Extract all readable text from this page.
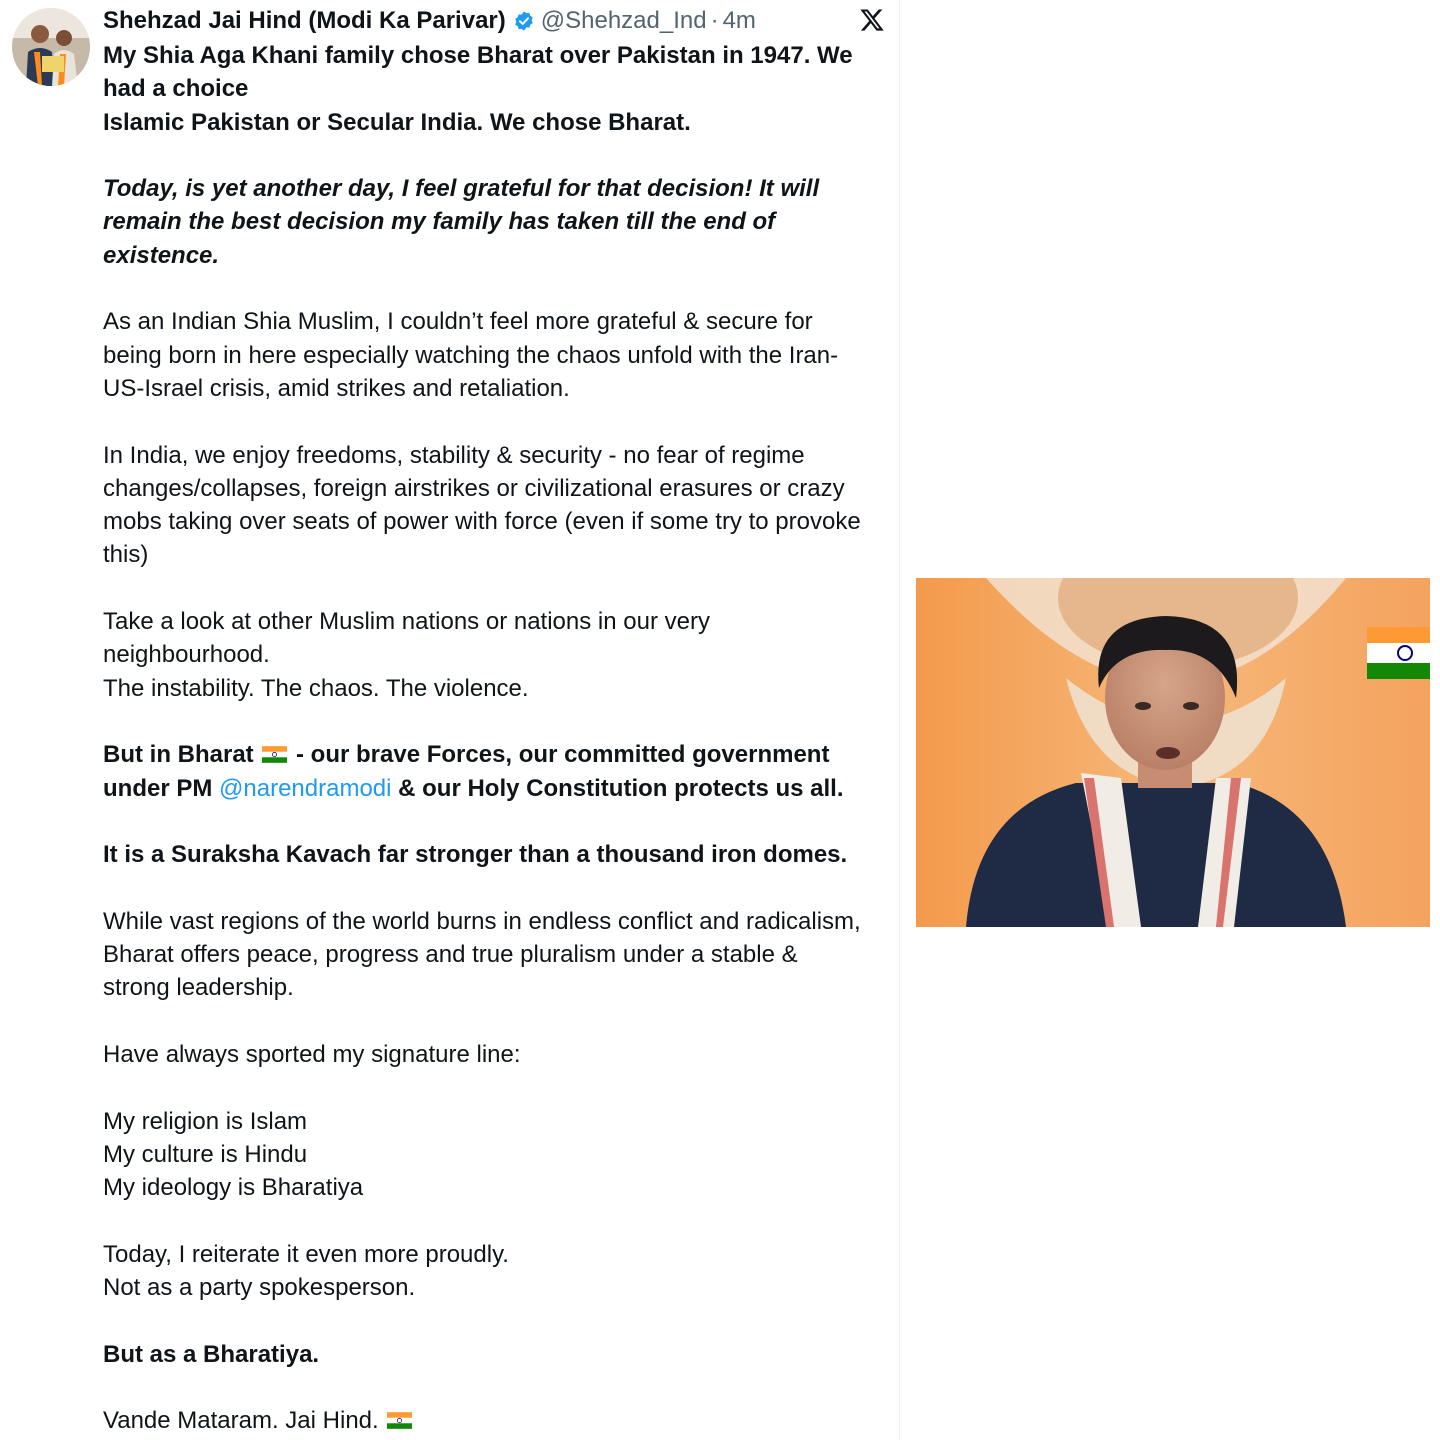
Shehzad Jai Hind (Modi Ka Parivar) @Shehzad_Ind · 4m
My Shia Aga Khani family chose Bharat over Pakistan in 1947. We
had a choice
Islamic Pakistan or Secular India. We chose Bharat.
Today, is yet another day, I feel grateful for that decision! It will
remain the best decision my family has taken till the end of
existence.
As an Indian Shia Muslim, I couldn’t feel more grateful & secure for
being born in here especially watching the chaos unfold with the Iran-
US-Israel crisis, amid strikes and retaliation.
In India, we enjoy freedoms, stability & security - no fear of regime
changes/collapses, foreign airstrikes or civilizational erasures or crazy
mobs taking over seats of power with force (even if some try to provoke
this)
Take a look at other Muslim nations or nations in our very
neighbourhood.
The instability. The chaos. The violence.
But in Bharat - our brave Forces, our committed government
under PM @narendramodi & our Holy Constitution protects us all.
It is a Suraksha Kavach far stronger than a thousand iron domes.
While vast regions of the world burns in endless conflict and radicalism,
Bharat offers peace, progress and true pluralism under a stable &
strong leadership.
Have always sported my signature line:
My religion is Islam
My culture is Hindu
My ideology is Bharatiya
Today, I reiterate it even more proudly.
Not as a party spokesperson.
But as a Bharatiya.
Vande Mataram. Jai Hind.
